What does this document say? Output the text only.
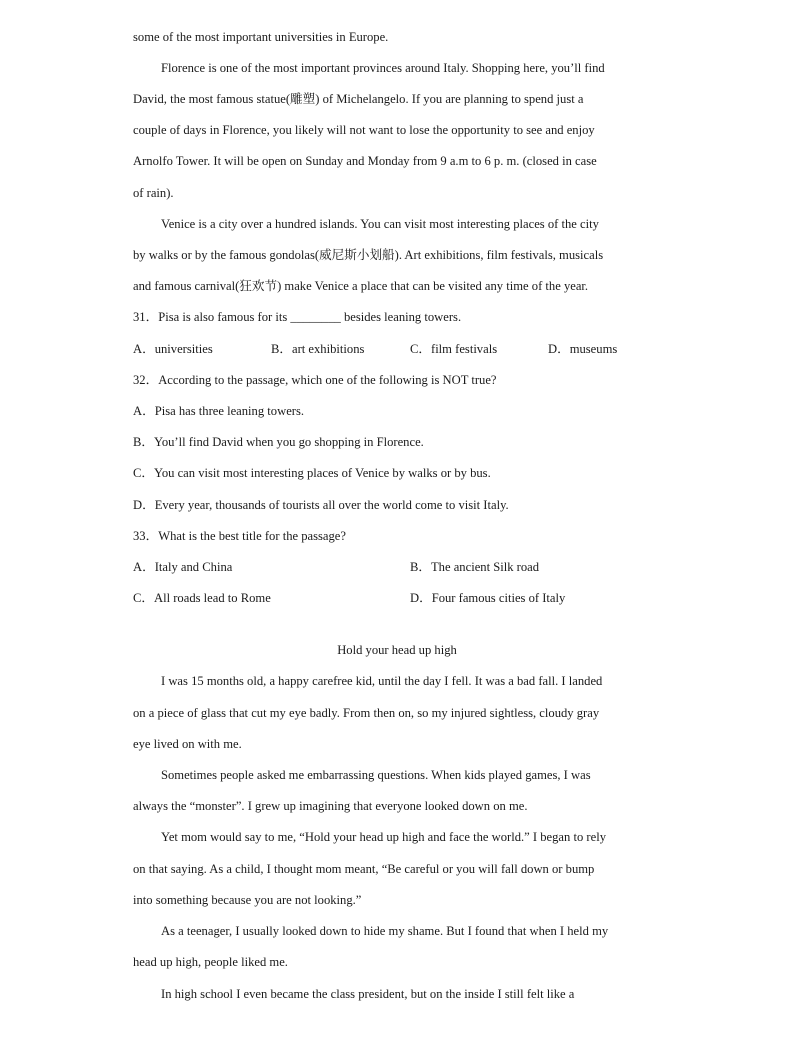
some of the most important universities in Europe.
Florence is one of the most important provinces around Italy. Shopping here, you’ll find
David, the most famous statue(雕塑) of Michelangelo. If you are planning to spend just a
couple of days in Florence, you likely will not want to lose the opportunity to see and enjoy
Arnolfo Tower. It will be open on Sunday and Monday from 9 a.m to 6 p. m. (closed in case
of rain).
Venice is a city over a hundred islands. You can visit most interesting places of the city
by walks or by the famous gondolas(威尼斯小划船). Art exhibitions, film festivals, musicals
and famous carnival(狂欢节) make Venice a place that can be visited any time of the year.
31．Pisa is also famous for its ________ besides leaning towers.
A．universities	B．art exhibitions	C．film festivals	D．museums
32．According to the passage, which one of the following is NOT true?
A．Pisa has three leaning towers.
B．You’ll find David when you go shopping in Florence.
C．You can visit most interesting places of Venice by walks or by bus.
D．Every year, thousands of tourists all over the world come to visit Italy.
33．What is the best title for the passage?
A．Italy and China	B．The ancient Silk road
C．All roads lead to Rome	D．Four famous cities of Italy
Hold your head up high
I was 15 months old, a happy carefree kid, until the day I fell. It was a bad fall. I landed
on a piece of glass that cut my eye badly. From then on, so my injured sightless, cloudy gray
eye lived on with me.
Sometimes people asked me embarrassing questions. When kids played games, I was
always the “monster”. I grew up imagining that everyone looked down on me.
Yet mom would say to me, “Hold your head up high and face the world.” I began to rely
on that saying. As a child, I thought mom meant, “Be careful or you will fall down or bump
into something because you are not looking.”
As a teenager, I usually looked down to hide my shame. But I found that when I held my
head up high, people liked me.
In high school I even became the class president, but on the inside I still felt like a
